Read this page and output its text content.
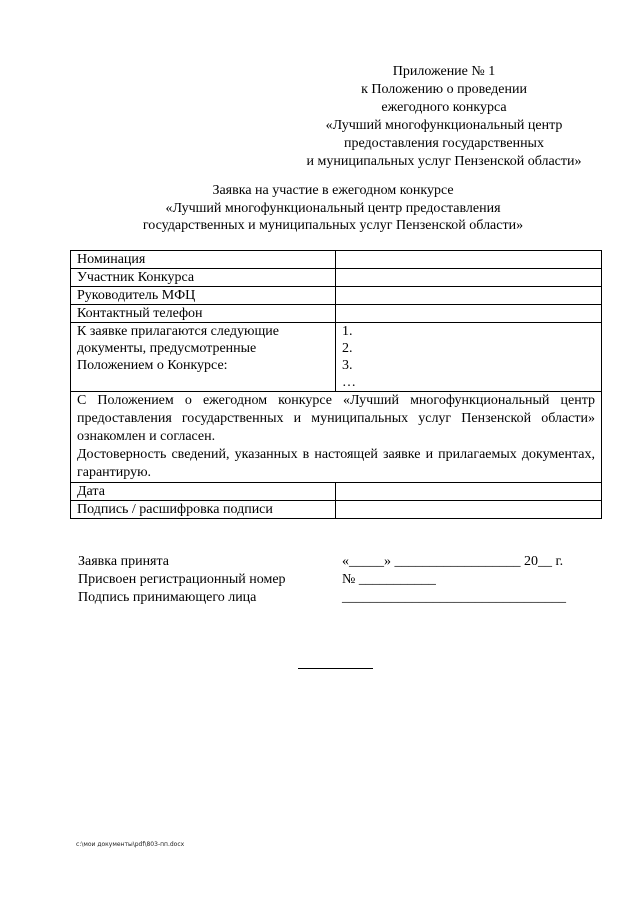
Приложение № 1
к Положению о проведении
ежегодного конкурса
«Лучший многофункциональный центр
предоставления государственных
и муниципальных услуг Пензенской области»
Заявка на участие в ежегодном конкурсе
«Лучший многофункциональный центр предоставления
государственных и муниципальных услуг Пензенской области»
Номинация	
Участник Конкурса	
Руководитель МФЦ	
Контактный телефон	
К заявке прилагаются следующие документы, предусмотренные Положением о Конкурсе:	1.
2.
3.
…

С Положением о ежегодном конкурсе «Лучший многофункциональный центр предоставления государственных и муниципальных услуг Пензенской области» ознакомлен и согласен.

Достоверность сведений, указанных в настоящей заявке и прилагаемых документах, гарантирую.	

Дата	
Подпись / расшифровка подписи	
Заявка принята	«_____» __________________ 20__ г.
Присвоен регистрационный номер	№ ___________
Подпись принимающего лица	________________________________
c:\мои документы\pdf\803-пп.docx
